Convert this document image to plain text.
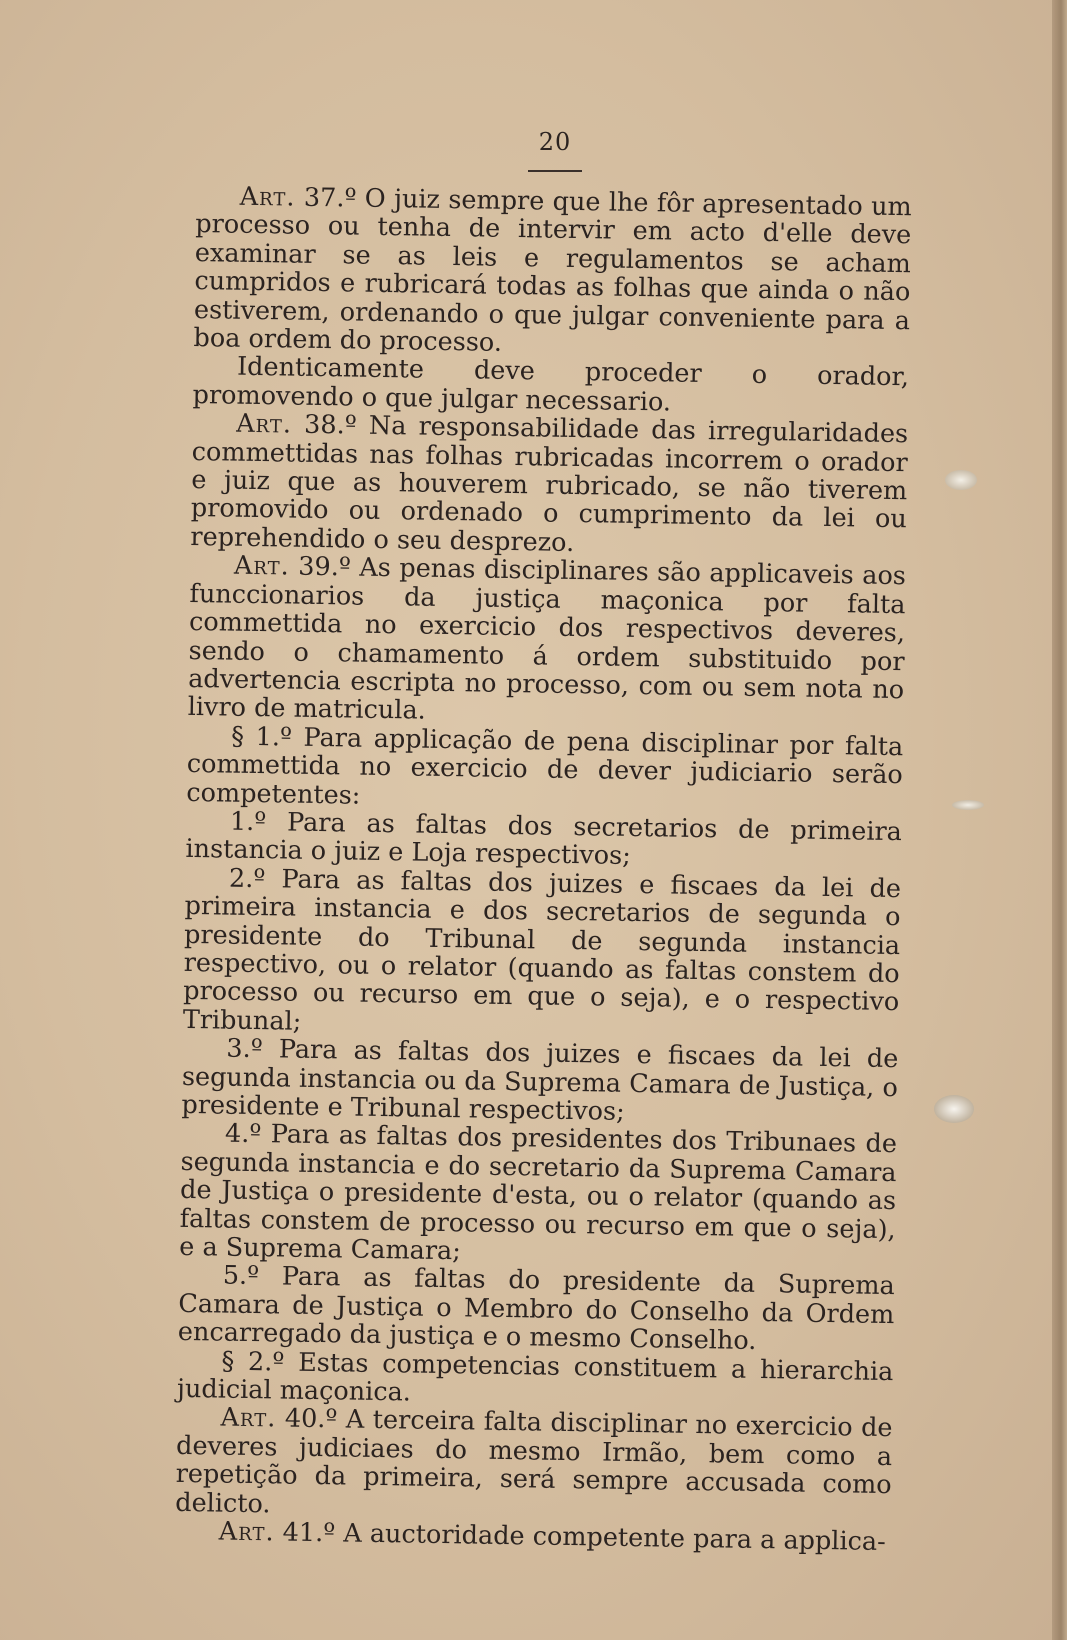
20

Art. 37.º O juiz sempre que lhe fôr apresentado um processo ou tenha de intervir em acto d'elle deve examinar se as leis e regulamentos se acham cumpridos e rubricará todas as folhas que ainda o não estiverem, ordenando o que julgar conveniente para a boa ordem do processo.

Identicamente deve proceder o orador, promovendo o que julgar necessario.

Art. 38.º Na responsabilidade das irregularidades commettidas nas folhas rubricadas incorrem o orador e juiz que as houverem rubricado, se não tiverem promovido ou ordenado o cumprimento da lei ou reprehendido o seu desprezo.

Art. 39.º As penas disciplinares são applicaveis aos funccionarios da justiça maçonica por falta commettida no exercicio dos respectivos deveres, sendo o chamamento á ordem substituido por advertencia escripta no processo, com ou sem nota no livro de matricula.

§ 1.º Para applicação de pena disciplinar por falta commettida no exercicio de dever judiciario serão competentes:

1.º Para as faltas dos secretarios de primeira instancia o juiz e Loja respectivos;

2.º Para as faltas dos juizes e fiscaes da lei de primeira instancia e dos secretarios de segunda o presidente do Tribunal de segunda instancia respectivo, ou o relator (quando as faltas constem do processo ou recurso em que o seja), e o respectivo Tribunal;

3.º Para as faltas dos juizes e fiscaes da lei de segunda instancia ou da Suprema Camara de Justiça, o presidente e Tribunal respectivos;

4.º Para as faltas dos presidentes dos Tribunaes de segunda instancia e do secretario da Suprema Camara de Justiça o presidente d'esta, ou o relator (quando as faltas constem de processo ou recurso em que o seja), e a Suprema Camara;

5.º Para as faltas do presidente da Suprema Camara de Justiça o Membro do Conselho da Ordem encarregado da justiça e o mesmo Conselho.

§ 2.º Estas competencias constituem a hierarchia judicial maçonica.

Art. 40.º A terceira falta disciplinar no exercicio de deveres judiciaes do mesmo Irmão, bem como a repetição da primeira, será sempre accusada como delicto.

Art. 41.º A auctoridade competente para a applica-
